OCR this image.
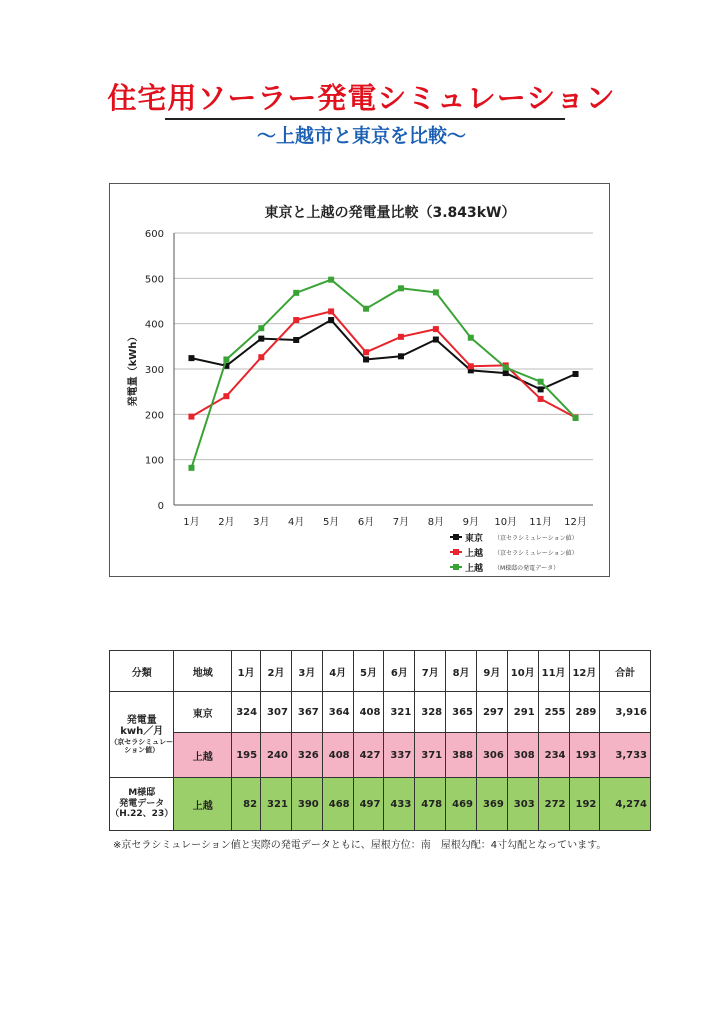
住宅用ソーラー発電シミュレーション
〜上越市と東京を比較〜
東京と上越の発電量比較（3.843kW）
0
100
200
300
400
500
600
発電量（kWh）
1月 2月 3月 4月 5月 6月 7月 8月 9月 10月 11月 12月
東京 （京セラシミュレーション値）
上越 （京セラシミュレーション値）
上越 （M様邸の発電データ）
分類	地域	1月	2月	3月	4月	5月	6月	7月	8月	9月	10月	11月	12月	合計

発電量
kwh／月
（京セラシミュレー
ション値）	東京	324	307	367	364	408	321	328	365	297	291	255	289	3,916
	上越	195	240	326	408	427	337	371	388	306	308	234	193	3,733

M様邸
発電データ
（H.22、23）	上越	82	321	390	468	497	433	478	469	369	303	272	192	4,274
※京セラシミュレーション値と実際の発電データともに、屋根方位：南　屋根勾配：4寸勾配となっています。
